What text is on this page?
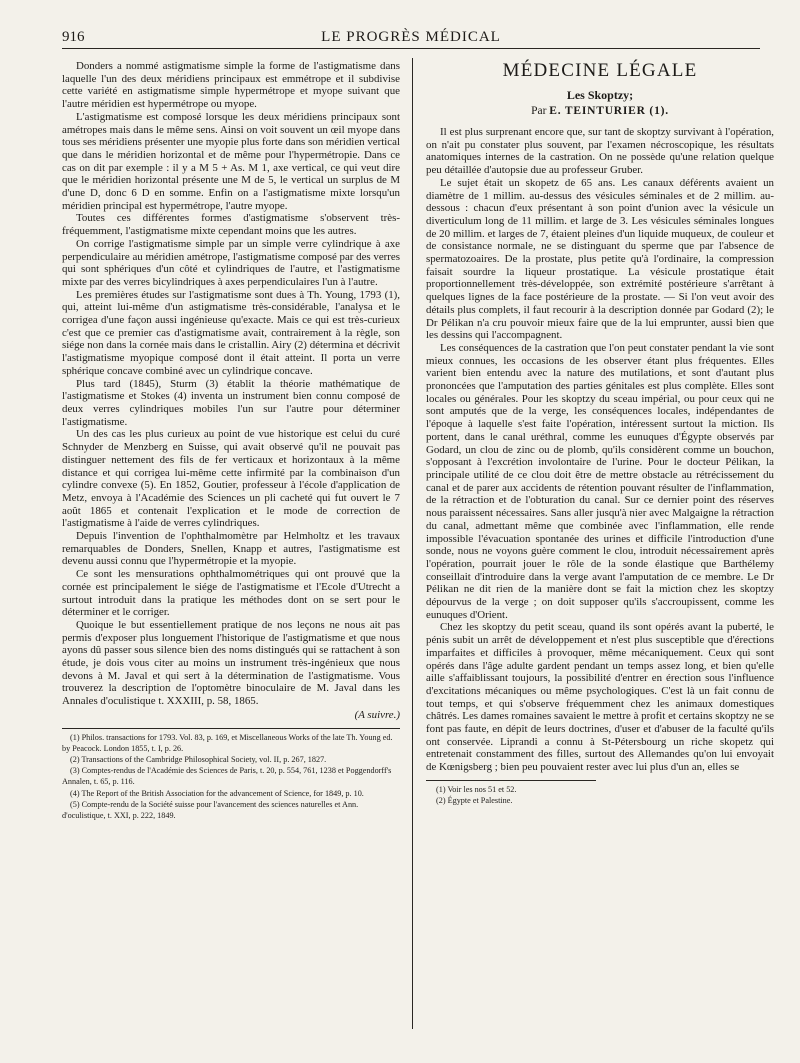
916	LE PROGRÈS MÉDICAL

Donders a nommé astigmatisme simple la forme de l'astigmatisme dans laquelle l'un des deux méridiens principaux est emmétrope et il subdivise cette variété en astigmatisme simple hypermétrope et myope suivant que l'autre méridien est hypermétrope ou myope.

L'astigmatisme est composé lorsque les deux méridiens principaux sont amétropes mais dans le même sens. Ainsi on voit souvent un œil myope dans tous ses méridiens présenter une myopie plus forte dans son méridien vertical que dans le méridien horizontal et de même pour l'hypermétropie. Dans ce cas on dit par exemple : il y a M 5 + As. M 1, axe vertical, ce qui veut dire que le méridien horizontal présente une M de 5, le vertical un surplus de M d'une D, donc 6 D en somme. Enfin on a l'astigmatisme mixte lorsqu'un méridien principal est hypermétrope, l'autre myope.

Toutes ces différentes formes d'astigmatisme s'observent très-fréquemment, l'astigmatisme mixte cependant moins que les autres.

On corrige l'astigmatisme simple par un simple verre cylindrique à axe perpendiculaire au méridien amétrope, l'astigmatisme composé par des verres qui sont sphériques d'un côté et cylindriques de l'autre, et l'astigmatisme mixte par des verres bicylindriques à axes perpendiculaires l'un à l'autre.

Les premières études sur l'astigmatisme sont dues à Th. Young, 1793 (1), qui, atteint lui-même d'un astigmatisme très-considérable, l'analysa et le corrigea d'une façon aussi ingénieuse qu'exacte. Mais ce qui est très-curieux c'est que ce premier cas d'astigmatisme avait, contrairement à la règle, son siége non dans la cornée mais dans le cristallin. Airy (2) détermina et décrivit l'astigmatisme myopique composé dont il était atteint. Il porta un verre sphérique concave combiné avec un cylindrique concave.

Plus tard (1845), Sturm (3) établit la théorie mathématique de l'astigmatisme et Stokes (4) inventa un instrument bien connu composé de deux verres cylindriques mobiles l'un sur l'autre pour déterminer l'astigmatisme.

Un des cas les plus curieux au point de vue historique est celui du curé Schnyder de Menzberg en Suisse, qui avait observé qu'il ne pouvait pas distinguer nettement des fils de fer verticaux et horizontaux à la même distance et qui corrigea lui-même cette infirmité par la combinaison d'un cylindre convexe (5). En 1852, Goutier, professeur à l'école d'application de Metz, envoya à l'Académie des Sciences un pli cacheté qui fut ouvert le 7 août 1865 et contenait l'explication et le mode de correction de l'astigmatisme à l'aide de verres cylindriques.

Depuis l'invention de l'ophthalmomètre par Helmholtz et les travaux remarquables de Donders, Snellen, Knapp et autres, l'astigmatisme est devenu aussi connu que l'hypermétropie et la myopie.

Ce sont les mensurations ophthalmométriques qui ont prouvé que la cornée est principalement le siége de l'astigmatisme et l'Ecole d'Utrecht a surtout introduit dans la pratique les méthodes dont on se sert pour le déterminer et le corriger.

Quoique le but essentiellement pratique de nos leçons ne nous ait pas permis d'exposer plus longuement l'historique de l'astigmatisme et que nous ayons dû passer sous silence bien des noms distingués qui se rattachent à son étude, je dois vous citer au moins un instrument très-ingénieux que nous devons à M. Javal et qui sert à la détermination de l'astigmatisme. Vous trouverez la description de l'optomètre binoculaire de M. Javal dans les Annales d'oculistique t. XXXIII, p. 58, 1865.

(A suivre.)
(1) Philos. transactions for 1793. Vol. 83, p. 169, et Miscellaneous Works of the late Th. Young ed. by Peacock. London 1855, t. I, p. 26.
(2) Transactions of the Cambridge Philosophical Society, vol. II, p. 267, 1827.
(3) Comptes-rendus de l'Académie des Sciences de Paris, t. 20, p. 554, 761, 1238 et Poggendorff's Annalen, t. 65, p. 116.
(4) The Report of the British Association for the advancement of Science, for 1849, p. 10.
(5) Compte-rendu de la Société suisse pour l'avancement des sciences naturelles et Ann. d'oculistique, t. XXI, p. 222, 1849.
MÉDECINE LÉGALE
Les Skoptzy;
Par E. TEINTURIER (1).

Il est plus surprenant encore que, sur tant de skoptzy survivant à l'opération, on n'ait pu constater plus souvent, par l'examen nécroscopique, les résultats anatomiques internes de la castration. On ne possède qu'une relation quelque peu détaillée d'autopsie due au professeur Gruber.

Le sujet était un skopetz de 65 ans. Les canaux déférents avaient un diamètre de 1 millim. au-dessus des vésicules séminales et de 2 millim. au-dessous : chacun d'eux présentant à son point d'union avec la vésicule un diverticulum long de 11 millim. et large de 3. Les vésicules séminales longues de 20 millim. et larges de 7, étaient pleines d'un liquide muqueux, de couleur et de consistance normale, ne se distinguant du sperme que par l'absence de spermatozoaires. De la prostate, plus petite qu'à l'ordinaire, la compression faisait sourdre la liqueur prostatique. La vésicule prostatique était proportionnellement très-développée, son extrémité postérieure s'arrêtant à quelques lignes de la face postérieure de la prostate. — Si l'on veut avoir des détails plus complets, il faut recourir à la description donnée par Godard (2); le Dr Pélikan n'a cru pouvoir mieux faire que de la lui emprunter, aussi bien que les dessins qui l'accompagnent.

Les conséquences de la castration que l'on peut constater pendant la vie sont mieux connues, les occasions de les observer étant plus fréquentes. Elles varient bien entendu avec la nature des mutilations, et sont d'autant plus prononcées que l'amputation des parties génitales est plus complète. Elles sont locales ou générales. Pour les skoptzy du sceau impérial, ou pour ceux qui ne sont amputés que de la verge, les conséquences locales, indépendantes de l'époque à laquelle s'est faite l'opération, intéressent surtout la miction. Ils portent, dans le canal uréthral, comme les eunuques d'Égypte observés par Godard, un clou de zinc ou de plomb, qu'ils considèrent comme un bouchon, s'opposant à l'excrétion involontaire de l'urine. Pour le docteur Pélikan, la principale utilité de ce clou doit être de mettre obstacle au rétrécissement du canal et de parer aux accidents de rétention pouvant résulter de l'inflammation, de la rétraction et de l'obturation du canal. Sur ce dernier point des réserves nous paraissent nécessaires. Sans aller jusqu'à nier avec Malgaigne la rétraction du canal, admettant même que combinée avec l'inflammation, elle rende impossible l'évacuation spontanée des urines et difficile l'introduction d'une sonde, nous ne voyons guère comment le clou, introduit nécessairement après l'opération, pourrait jouer le rôle de la sonde élastique que Barthélemy conseillait d'introduire dans la verge avant l'amputation de ce membre. Le Dr Pélikan ne dit rien de la manière dont se fait la miction chez les skoptzy dépourvus de la verge ; on doit supposer qu'ils s'accroupissent, comme les eunuques d'Orient.

Chez les skoptzy du petit sceau, quand ils sont opérés avant la puberté, le pénis subit un arrêt de développement et n'est plus susceptible que d'érections imparfaites et difficiles à provoquer, même mécaniquement. Ceux qui sont opérés dans l'âge adulte gardent pendant un temps assez long, et bien qu'elle aille s'affaiblissant toujours, la possibilité d'entrer en érection sous l'influence d'excitations mécaniques ou même psychologiques. C'est là un fait connu de tout temps, et qui s'observe fréquemment chez les animaux domestiques châtrés. Les dames romaines savaient le mettre à profit et certains skoptzy ne se font pas faute, en dépit de leurs doctrines, d'user et d'abuser de la faculté qu'ils ont conservée. Liprandi a connu à St-Pétersbourg un riche skopetz qui entretenait constamment des filles, surtout des Allemandes qu'on lui envoyait de Kœnigsberg ; bien peu pouvaient rester avec lui plus d'un an, elles se

(1) Voir les nos 51 et 52.
(2) Égypte et Palestine.
